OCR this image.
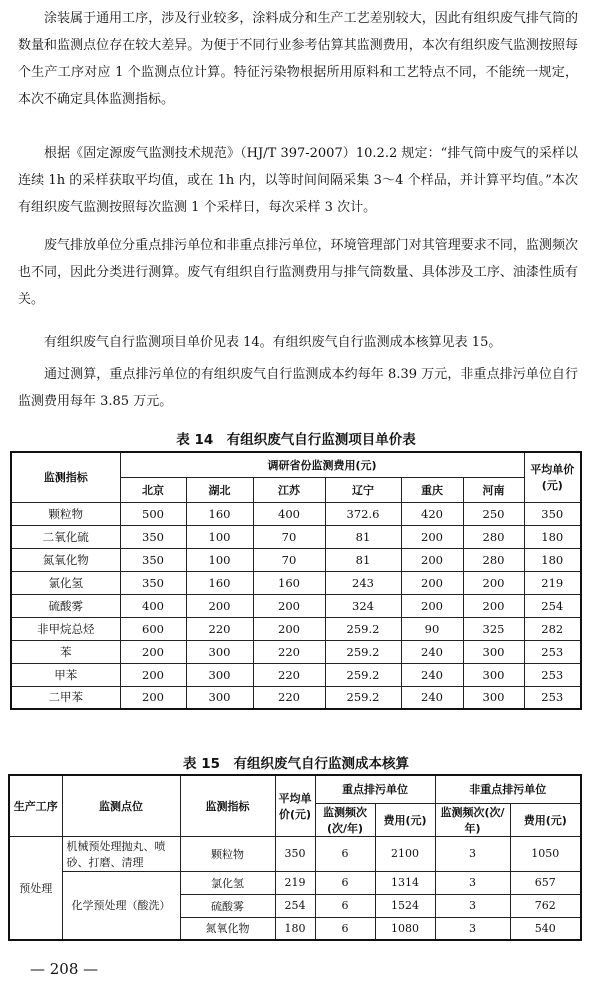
涂装属于通用工序，涉及行业较多，涂料成分和生产工艺差别较大，因此有组织废气排气筒的数量和监测点位存在较大差异。为便于不同行业参考估算其监测费用，本次有组织废气监测按照每个生产工序对应 1 个监测点位计算。特征污染物根据所用原料和工艺特点不同，不能统一规定，本次不确定具体监测指标。

根据《固定源废气监测技术规范》（HJ/T 397-2007）10.2.2 规定：“排气筒中废气的采样以连续 1h 的采样获取平均值，或在 1h 内，以等时间间隔采集 3～4 个样品，并计算平均值。”本次有组织废气监测按照每次监测 1 个采样日，每次采样 3 次计。

废气排放单位分重点排污单位和非重点排污单位，环境管理部门对其管理要求不同，监测频次也不同，因此分类进行测算。废气有组织自行监测费用与排气筒数量、具体涉及工序、油漆性质有关。

有组织废气自行监测项目单价见表 14。有组织废气自行监测成本核算见表 15。

通过测算，重点排污单位的有组织废气自行监测成本约每年 8.39 万元，非重点排污单位自行监测费用每年 3.85 万元。

表 14　有组织废气自行监测项目单价表

监测指标	调研省份监测费用(元)						平均单价(元)
	北京	湖北	江苏	辽宁	重庆	河南	
颗粒物	500	160	400	372.6	420	250	350
二氧化硫	350	100	70	81	200	280	180
氮氧化物	350	100	70	81	200	280	180
氯化氢	350	160	160	243	200	200	219
硫酸雾	400	200	200	324	200	200	254
非甲烷总烃	600	220	200	259.2	90	325	282
苯	200	300	220	259.2	240	300	253
甲苯	200	300	220	259.2	240	300	253
二甲苯	200	300	220	259.2	240	300	253

表 15　有组织废气自行监测成本核算

生产工序	监测点位	监测指标	平均单价(元)	重点排污单位		非重点排污单位	
				监测频次(次/年)	费用(元)	监测频次(次/年)	费用(元)
预处理	机械预处理抛丸、喷砂、打磨、清理	颗粒物	350	6	2100	3	1050
	化学预处理（酸洗）	氯化氢	219	6	1314	3	657
		硫酸雾	254	6	1524	3	762
		氮氧化物	180	6	1080	3	540

— 208 —
